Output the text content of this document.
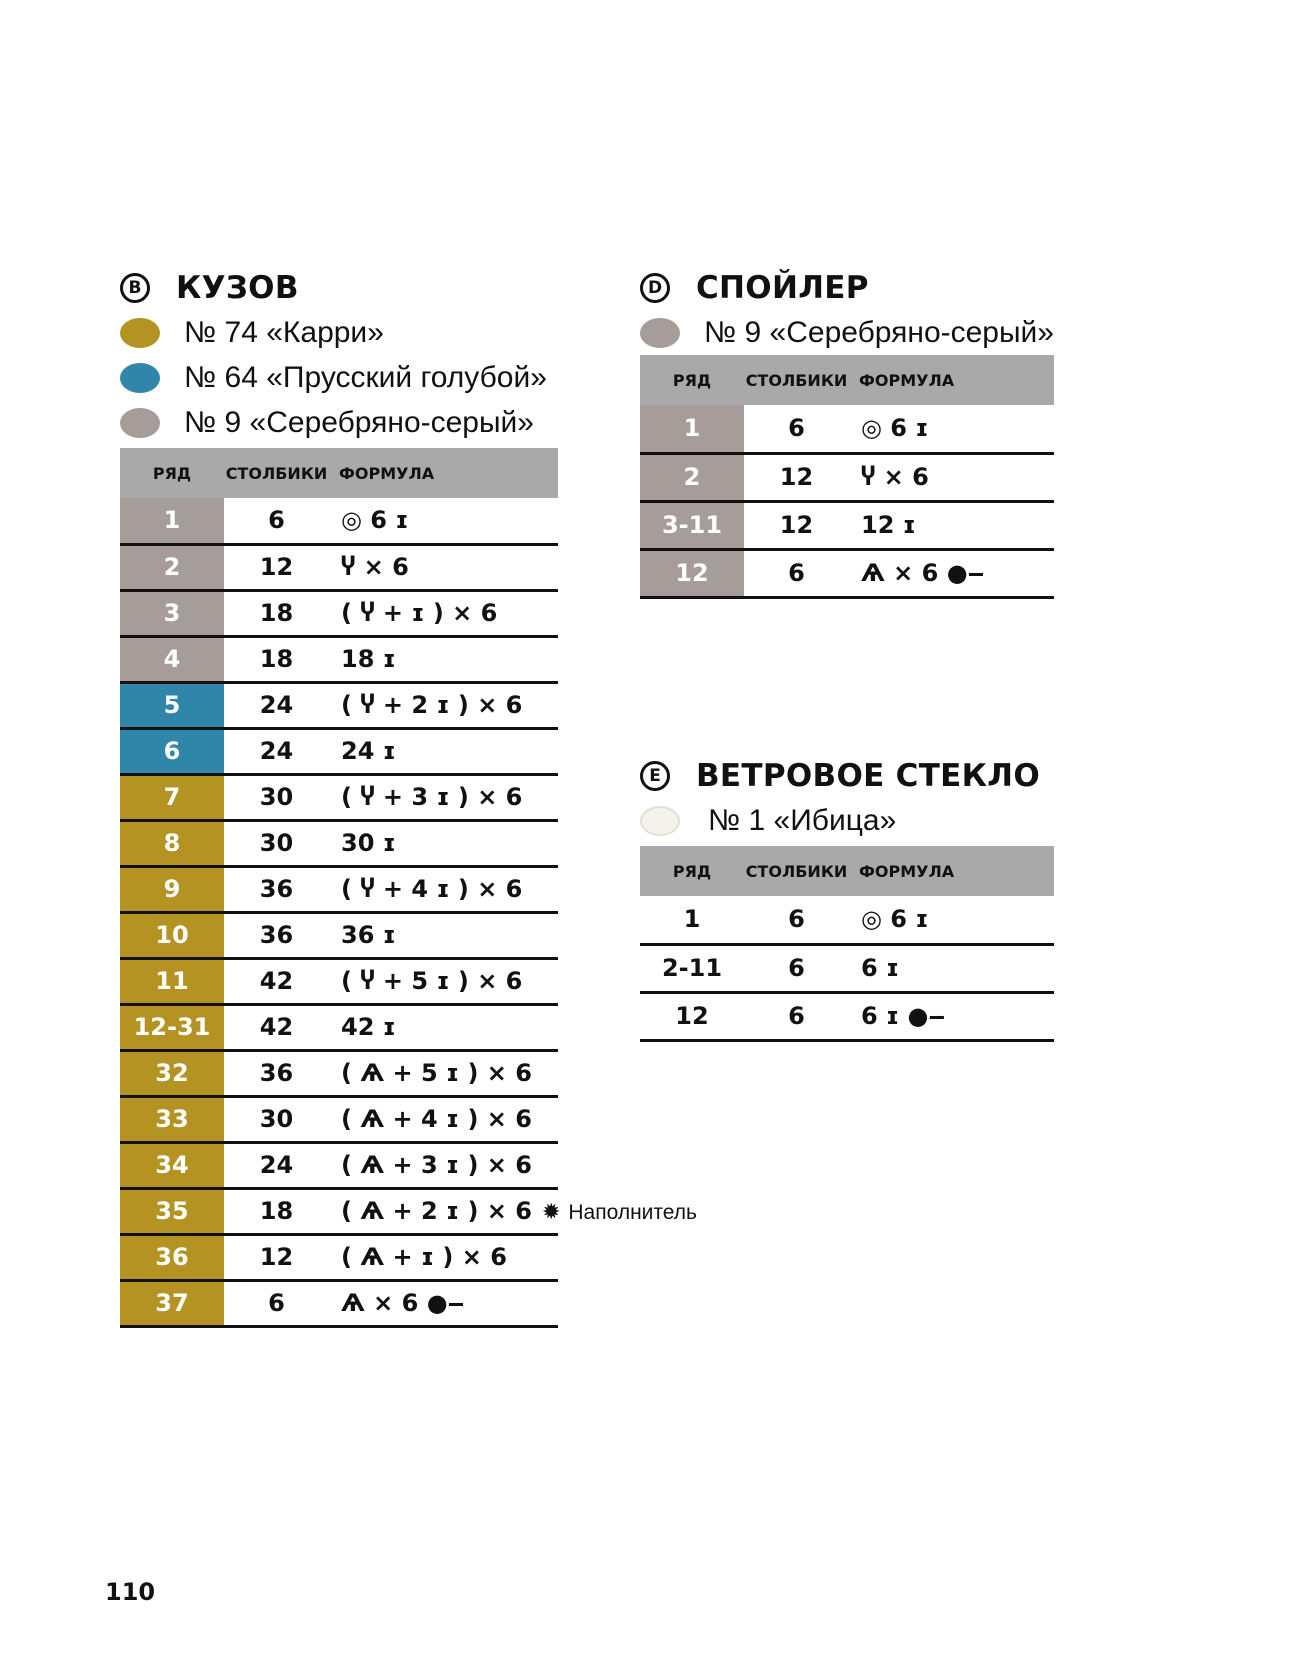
B КУЗОВ
№ 74 «Карри»
№ 64 «Прусский голубой»
№ 9 «Серебряно-серый»
РЯД	СТОЛБИКИ	ФОРМУЛА
1	6	◎ 6 ɪ
2	12	Ⴤ × 6
3	18	( Ⴤ + ɪ ) × 6
4	18	18 ɪ
5	24	( Ⴤ + 2 ɪ ) × 6
6	24	24 ɪ
7	30	( Ⴤ + 3 ɪ ) × 6
8	30	30 ɪ
9	36	( Ⴤ + 4 ɪ ) × 6
10	36	36 ɪ
11	42	( Ⴤ + 5 ɪ ) × 6
12-31	42	42 ɪ
32	36	( Ѧ + 5 ɪ ) × 6
33	30	( Ѧ + 4 ɪ ) × 6
34	24	( Ѧ + 3 ɪ ) × 6
35	18	( Ѧ + 2 ɪ ) × 6 ✹ Наполнитель
36	12	( Ѧ + ɪ ) × 6
37	6	Ѧ × 6 ●‒
D СПОЙЛЕР
№ 9 «Серебряно-серый»
РЯД	СТОЛБИКИ	ФОРМУЛА
1	6	◎ 6 ɪ
2	12	Ⴤ × 6
3-11	12	12 ɪ
12	6	Ѧ × 6 ●‒
E ВЕТРОВОЕ СТЕКЛО
№ 1 «Ибица»
РЯД	СТОЛБИКИ	ФОРМУЛА
1	6	◎ 6 ɪ
2-11	6	6 ɪ
12	6	6 ɪ ●‒
110
